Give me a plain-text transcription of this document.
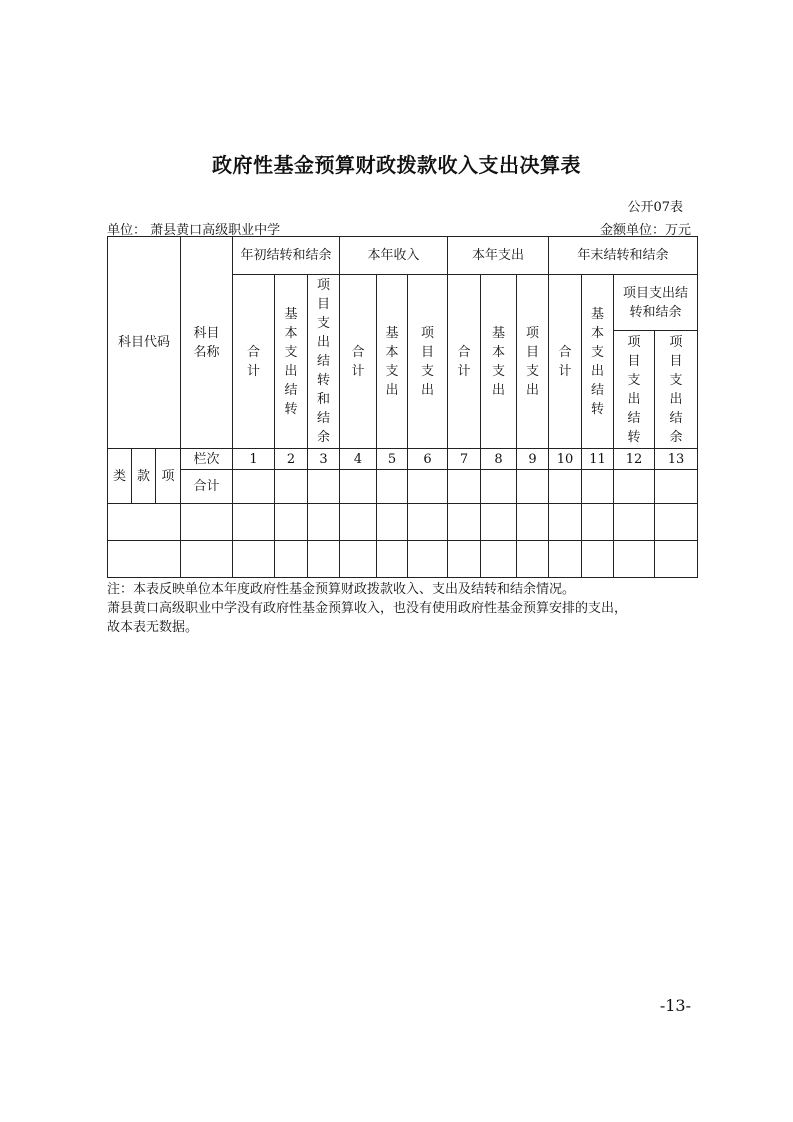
政府性基金预算财政拨款收入支出决算表
公开07表
单位： 萧县黄口高级职业中学	金额单位：万元
科目代码			科目名称	年初结转和结余			本年收入			本年支出			年末结转和结余			
				合计	基本支出结转	项目支出结转和结余	合计	基本支出	项目支出	合计	基本支出	项目支出	合计	基本支出结转	项目支出结转和结余	
															项目支出结转	项目支出结余
类	款	项	栏次	1	2	3	4	5	6	7	8	9	10	11	12	13
			合计													

注：本表反映单位本年度政府性基金预算财政拨款收入、支出及结转和结余情况。
萧县黄口高级职业中学没有政府性基金预算收入，也没有使用政府性基金预算安排的支出，
故本表无数据。
-13-
